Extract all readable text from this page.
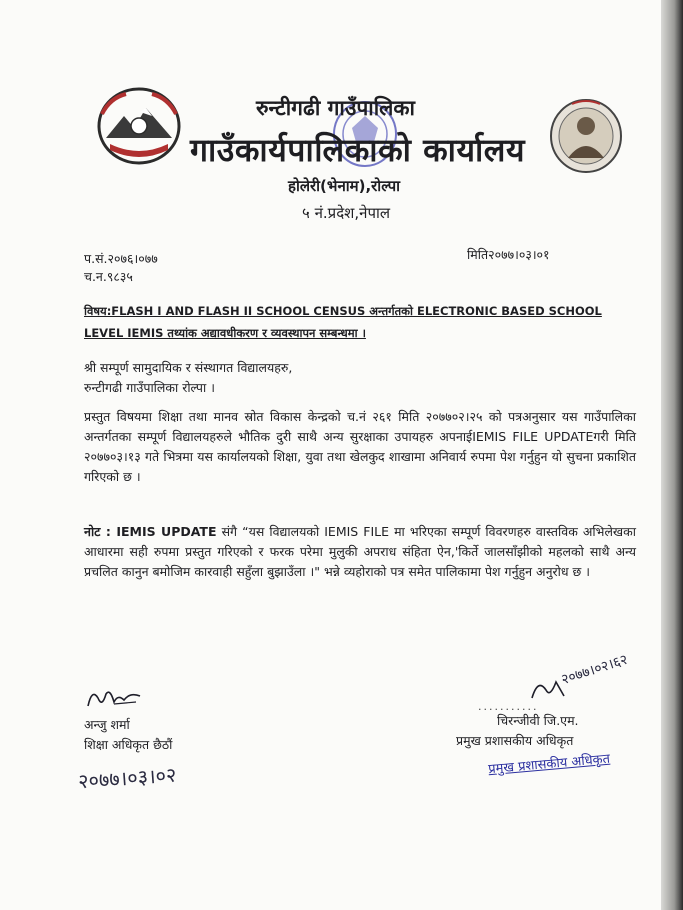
रुन्टीगढी गाउँपालिका
गाउँकार्यपालिकाको कार्यालय
होलेरी(भेनाम),रोल्पा
५ नं.प्रदेश,नेपाल
प.सं.२०७६।०७७
च.न.९८३५
मिति२०७७।०३।०१
विषय:FLASH I AND FLASH II SCHOOL CENSUS अन्तर्गतको ELECTRONIC BASED SCHOOL LEVEL IEMIS तथ्यांक अद्यावधीकरण र व्यवस्थापन सम्बन्धमा ।
श्री सम्पूर्ण सामुदायिक र संस्थागत विद्यालयहरु,
रुन्टीगढी गाउँपालिका रोल्पा ।
प्रस्तुत विषयमा शिक्षा तथा मानव स्रोत विकास केन्द्रको च.नं २६१ मिति २०७७०२।२५ को पत्रअनुसार यस गाउँपालिका अन्तर्गतका सम्पूर्ण विद्यालयहरुले भौतिक दुरी साथै अन्य सुरक्षाका उपायहरु अपनाईIEMIS FILE UPDATEगरी मिति २०७७०३।१३ गते भित्रमा यस कार्यालयको शिक्षा, युवा तथा खेलकुद शाखामा अनिवार्य रुपमा पेश गर्नुहुन यो सुचना प्रकाशित गरिएको छ ।
नोट : IEMIS UPDATE संगै “यस विद्यालयको IEMIS FILE मा भरिएका सम्पूर्ण विवरणहरु वास्तविक अभिलेखका आधारमा सही रुपमा प्रस्तुत गरिएको र फरक परेमा मुलुकी अपराध संहिता ऐन,'किर्ते जालसाँझीको महलको साथै अन्य प्रचलित कानुन बमोजिम कारवाही सहुँला बुझाउँला ।" भन्ने व्यहोराको पत्र समेत पालिकामा पेश गर्नुहुन अनुरोध छ ।
अन्जु शर्मा
शिक्षा अधिकृत छैठौं
२०७७।०३।०२
२०७७।०२।६२
...........
चिरन्जीवी जि.एम.
प्रमुख प्रशासकीय अधिकृत
प्रमुख प्रशासकीय अधिकृत
